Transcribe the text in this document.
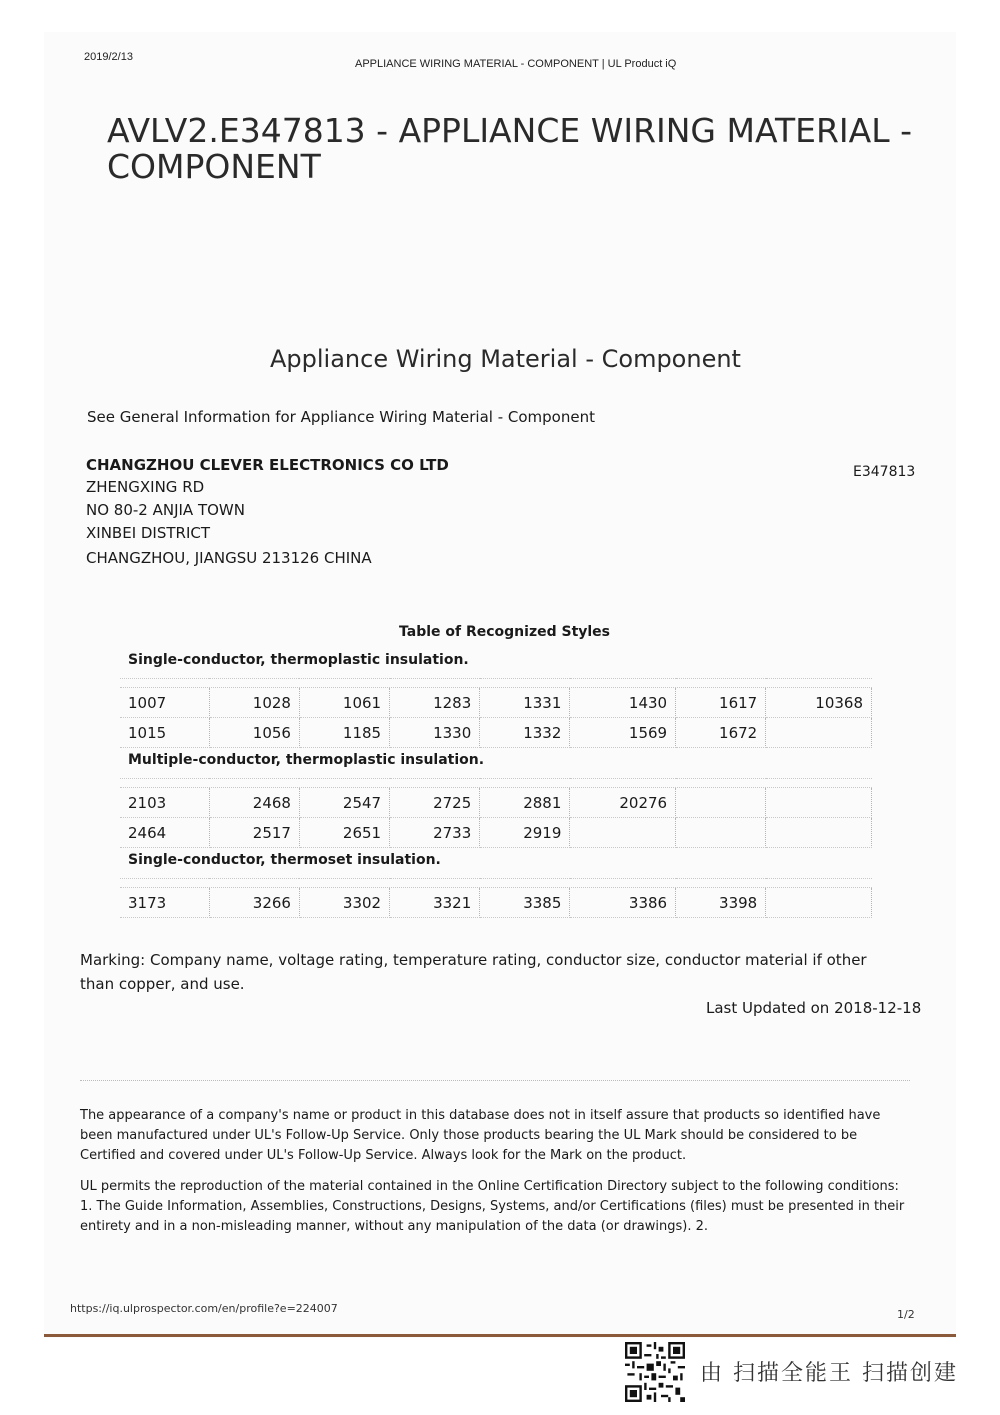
2019/2/13
APPLIANCE WIRING MATERIAL - COMPONENT | UL Product iQ
AVLV2.E347813 - APPLIANCE WIRING MATERIAL -
COMPONENT
Appliance Wiring Material - Component
See General Information for Appliance Wiring Material - Component
CHANGZHOU CLEVER ELECTRONICS CO LTD
ZHENGXING RD
NO 80-2 ANJIA TOWN
XINBEI DISTRICT
CHANGZHOU, JIANGSU 213126 CHINA
E347813
Table of Recognized Styles
Single-conductor, thermoplastic insulation.							

1007	1028	1061	1283	1331	1430	1617	10368
1015	1056	1185	1330	1332	1569	1672	
Multiple-conductor, thermoplastic insulation.							

2103	2468	2547	2725	2881	20276		
2464	2517	2651	2733	2919			
Single-conductor, thermoset insulation.							

3173	3266	3302	3321	3385	3386	3398	
Marking: Company name, voltage rating, temperature rating, conductor size, conductor material if other than copper, and use.
Last Updated on 2018-12-18
The appearance of a company's name or product in this database does not in itself assure that products so identified have been manufactured under UL's Follow-Up Service. Only those products bearing the UL Mark should be considered to be Certified and covered under UL's Follow-Up Service. Always look for the Mark on the product.
UL permits the reproduction of the material contained in the Online Certification Directory subject to the following conditions: 1. The Guide Information, Assemblies, Constructions, Designs, Systems, and/or Certifications (files) must be presented in their entirety and in a non-misleading manner, without any manipulation of the data (or drawings). 2.
https://iq.ulprospector.com/en/profile?e=224007	1/2
由 扫描全能王 扫描创建
